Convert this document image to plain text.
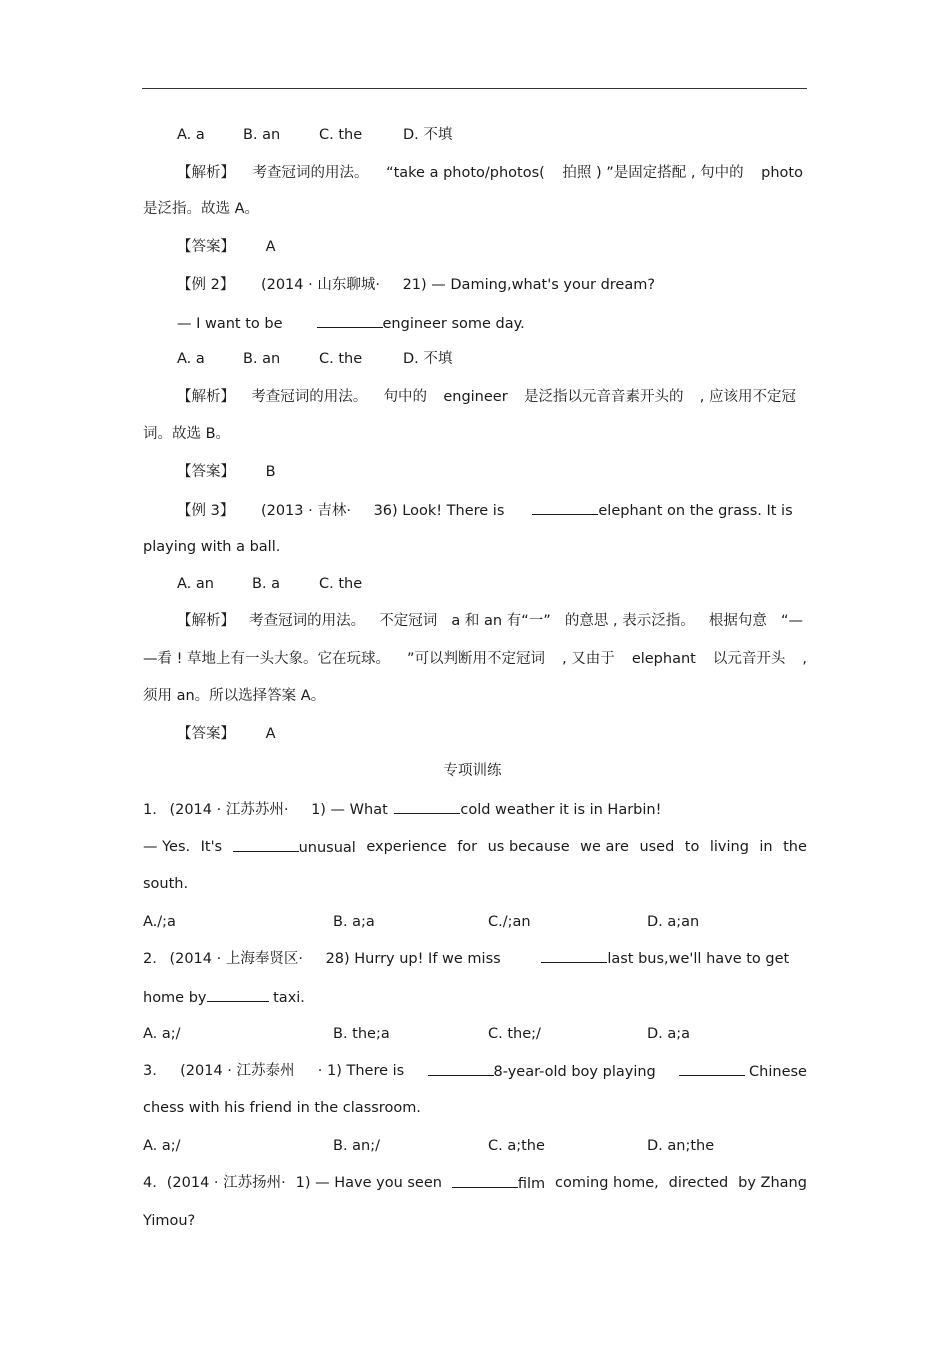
A. a	B. an	C. the	D. 不填
【解析】 考查冠词的用法。 “take a photo/photos( 拍照 ) ”是固定搭配 , 句中的 photo
是泛指。故选 A。
【答案】 A
【例 2】 (2014 · 山东聊城· 21) — Daming,what's your dream?
— I want to be	engineer some day.
A. a	B. an	C. the	D. 不填
【解析】 考查冠词的用法。 句中的 engineer 是泛指以元音音素开头的 , 应该用不定冠
词。故选 B。
【答案】 B
【例 3】 (2013 · 吉林· 36) Look! There is	elephant on the grass. It is
playing with a ball.
A. an	B. a	C. the
【解析】 考查冠词的用法。 不定冠词 a 和 an 有“一” 的意思 , 表示泛指。 根据句意 “—
—看 ! 草地上有一头大象。它在玩球。 ”可以判断用不定冠词 , 又由于 elephant 以元音开头 ,
须用 an。所以选择答案 A。
【答案】 A
专项训练
1. (2014 · 江苏苏州· 1) — What	cold weather it is in Harbin!
— Yes. It's	unusual experience for us because we are used to living in the
south.
A./;a	B. a;a	C./;an	D. a;an
2. (2014 · 上海奉贤区· 28) Hurry up! If we miss	last bus,we'll have to get
home by	taxi.
A. a;/	B. the;a	C. the;/	D. a;a
3. (2014 · 江苏泰州 · 1) There is	8-year-old boy playing	Chinese
chess with his friend in the classroom.
A. a;/	B. an;/	C. a;the	D. an;the
4. (2014 · 江苏扬州· 1) — Have you seen	film coming home, directed by Zhang
Yimou?
